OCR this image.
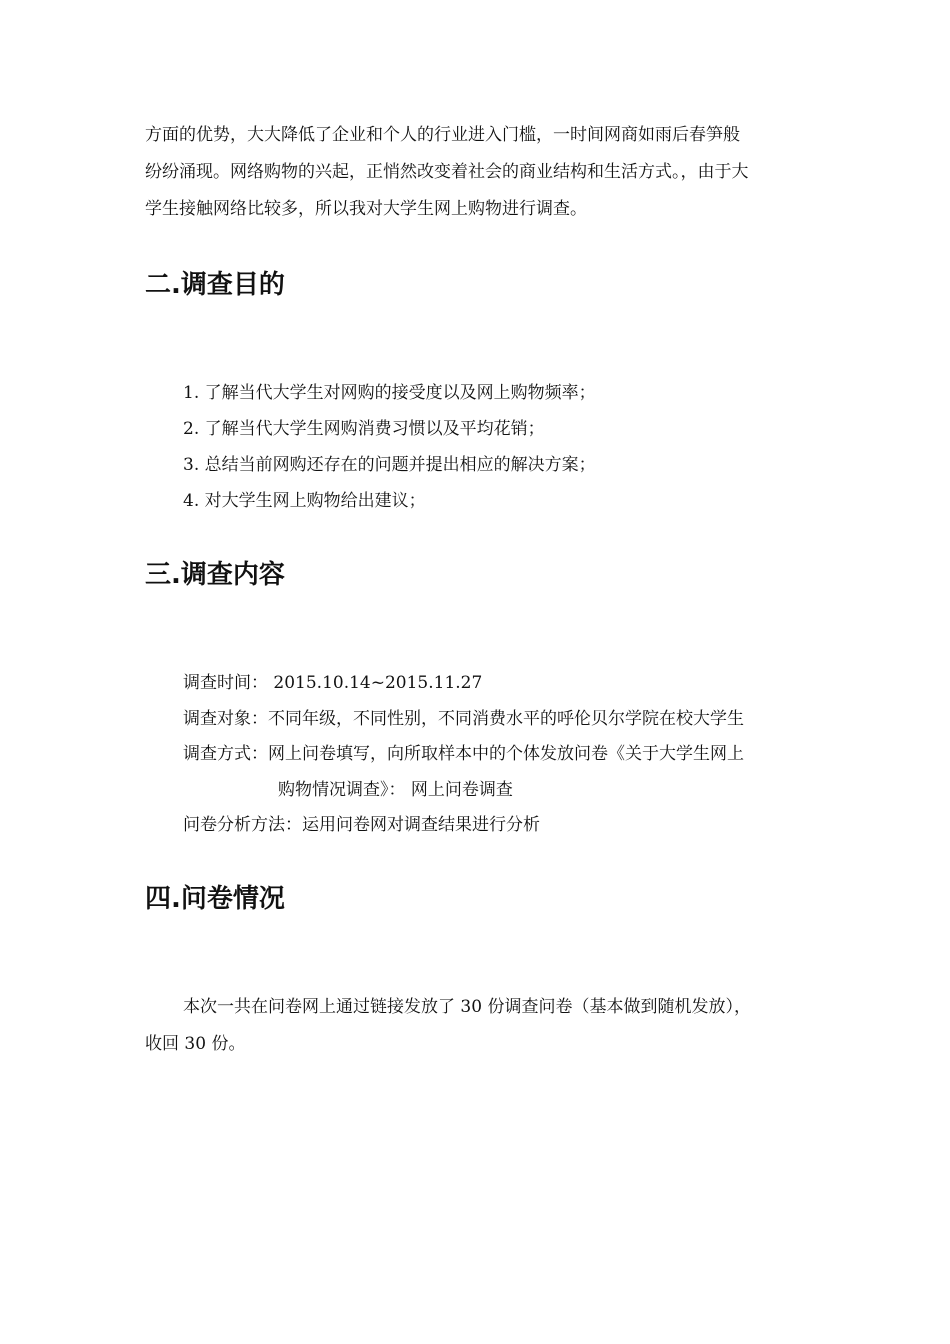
方面的优势，大大降低了企业和个人的行业进入门槛，一时间网商如雨后春笋般
纷纷涌现。网络购物的兴起，正悄然改变着社会的商业结构和生活方式。，由于大
学生接触网络比较多，所以我对大学生网上购物进行调查。

二.调查目的
1. 了解当代大学生对网购的接受度以及网上购物频率；
2. 了解当代大学生网购消费习惯以及平均花销；
3. 总结当前网购还存在的问题并提出相应的解决方案；
4. 对大学生网上购物给出建议；
三.调查内容
调查时间： 2015.10.14~2015.11.27
调查对象：不同年级，不同性别，不同消费水平的呼伦贝尔学院在校大学生
调查方式：网上问卷填写，向所取样本中的个体发放问卷《关于大学生网上
购物情况调查》： 网上问卷调查
问卷分析方法：运用问卷网对调查结果进行分析
四.问卷情况

本次一共在问卷网上通过链接发放了 30 份调查问卷（基本做到随机发放），
收回 30 份。
